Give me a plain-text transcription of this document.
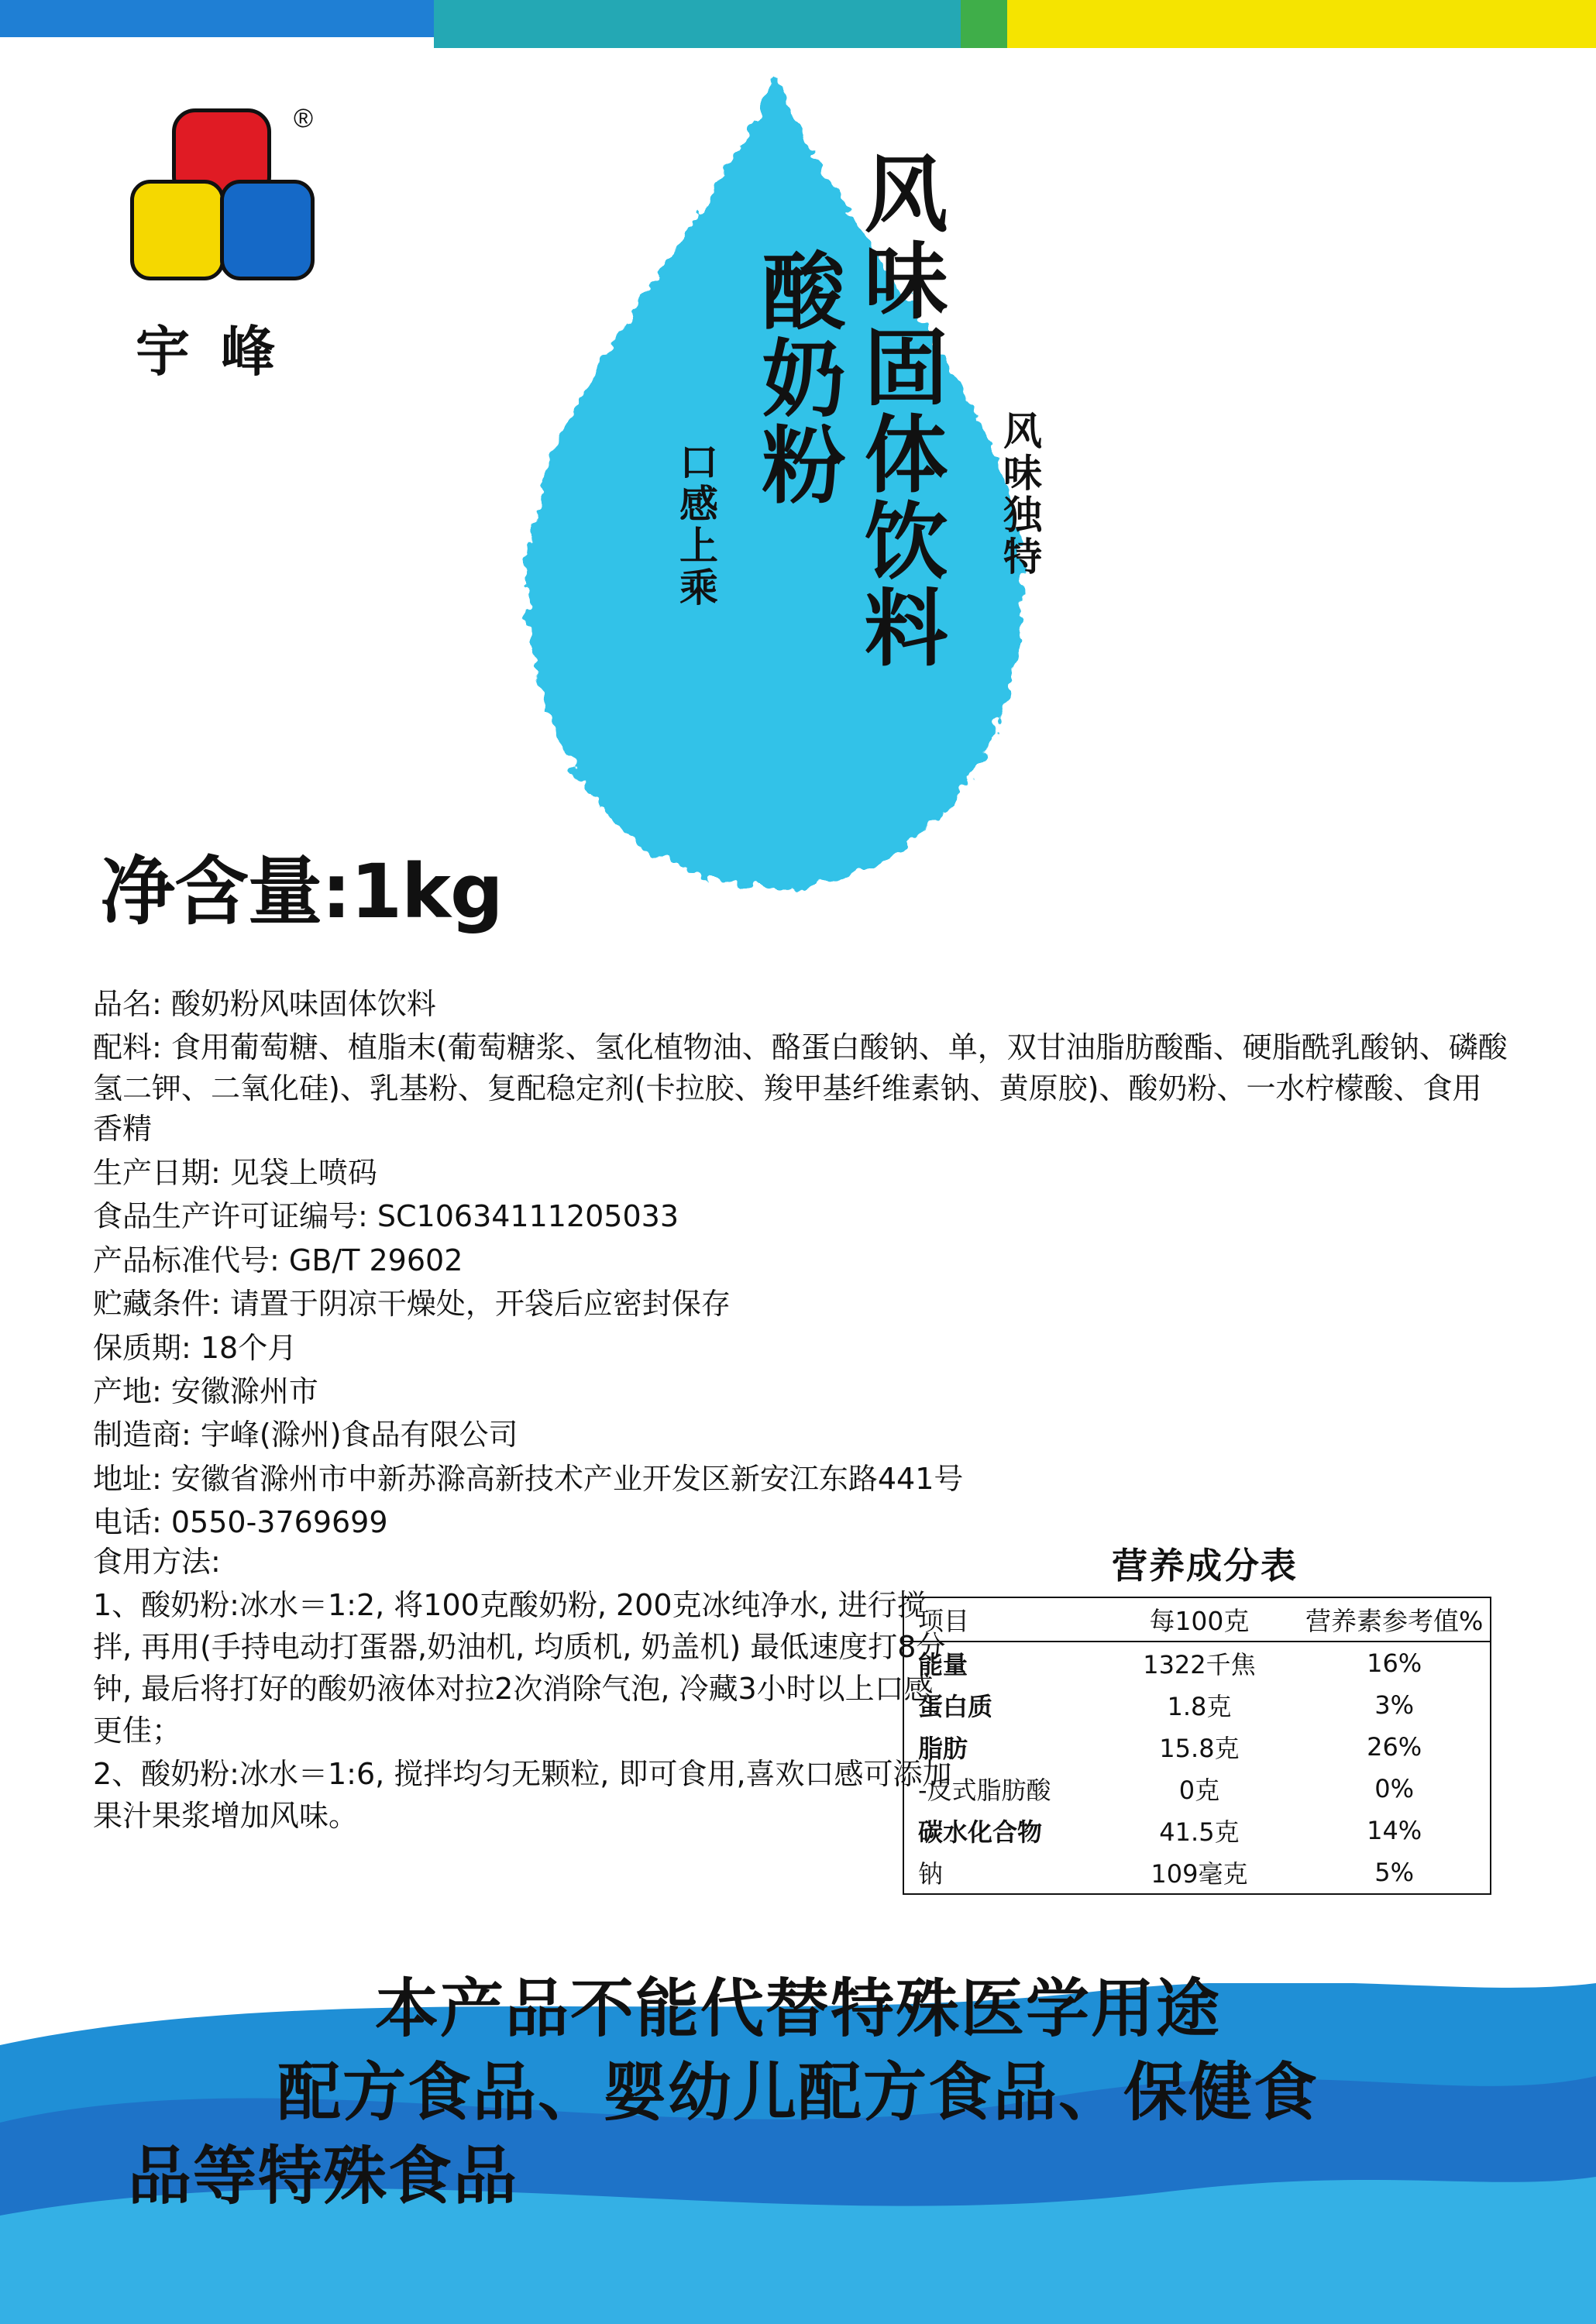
®
宇峰	风味固体饮料
酸奶粉
口感上乘	风味独特
净含量:1kg
品名: 酸奶粉风味固体饮料
配料: 食用葡萄糖、植脂末(葡萄糖浆、氢化植物油、酪蛋白酸钠、单，双甘油脂肪酸酯、硬脂酰乳酸钠、磷酸氢二钾、二氧化硅)、乳基粉、复配稳定剂(卡拉胶、羧甲基纤维素钠、黄原胶)、酸奶粉、一水柠檬酸、食用香精
生产日期: 见袋上喷码
食品生产许可证编号: SC10634111205033
产品标准代号: GB/T 29602
贮藏条件: 请置于阴凉干燥处，开袋后应密封保存
保质期: 18个月
产地: 安徽滁州市
制造商: 宇峰(滁州)食品有限公司
地址: 安徽省滁州市中新苏滁高新技术产业开发区新安江东路441号
电话: 0550-3769699

食用方法:

1、酸奶粉:冰水＝1:2, 将100克酸奶粉, 200克冰纯净水, 进行搅拌, 再用(手持电动打蛋器,奶油机, 均质机, 奶盖机) 最低速度打8分钟, 最后将打好的酸奶液体对拉2次消除气泡, 冷藏3小时以上口感更佳；

2、酸奶粉:冰水＝1:6, 搅拌均匀无颗粒, 即可食用,喜欢口感可添加果汁果浆增加风味。

营养成分表
项目	每100克	营养素参考值%
能量	1322千焦	16%
蛋白质	1.8克	3%
脂肪	15.8克	26%
-反式脂肪酸	0克	0%
碳水化合物	41.5克	14%
钠	109毫克	5%
本产品不能代替特殊医学用途
配方食品、婴幼儿配方食品、保健食
品等特殊食品
